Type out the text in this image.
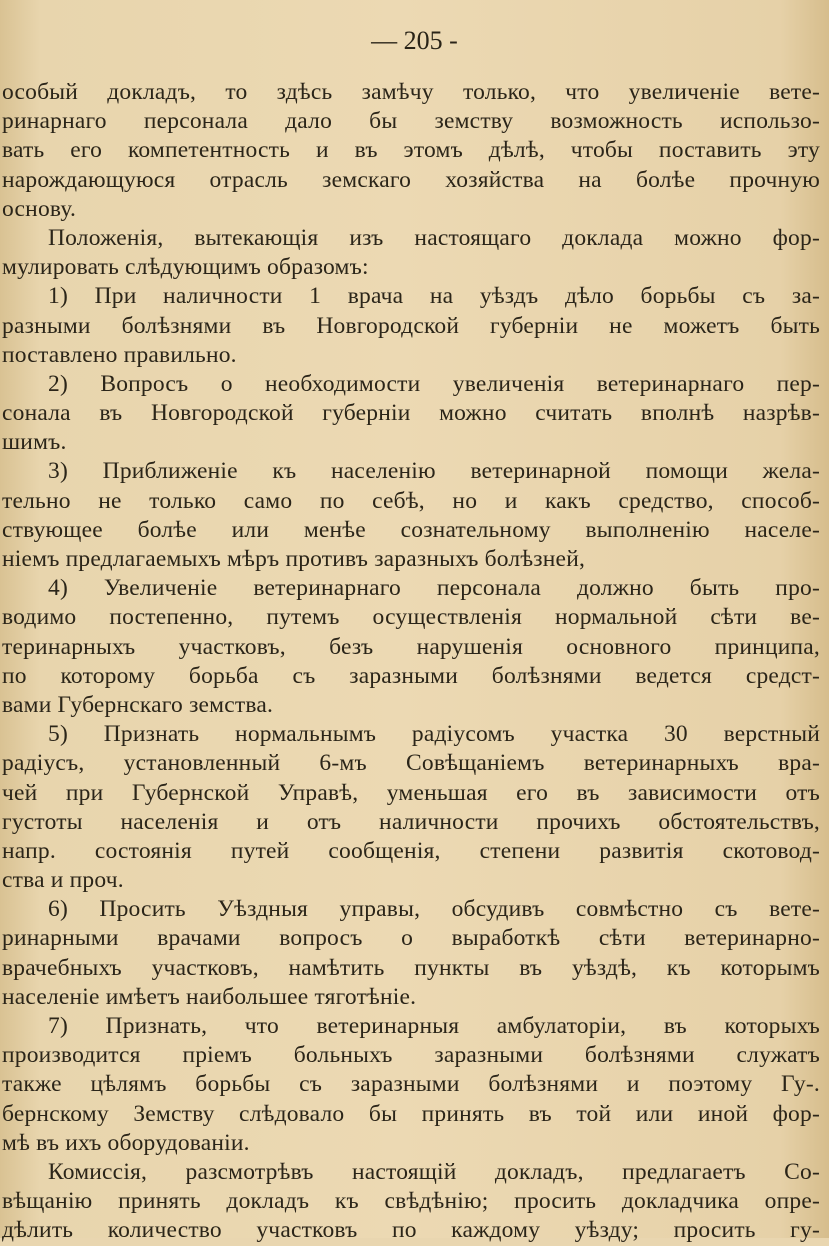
— 205 -
особый докладъ, то здѣсь замѣчу только, что увеличеніе вете-
ринарнаго персонала дало бы земству возможность использо-
вать его компетентность и въ этомъ дѣлѣ, чтобы поставить эту
нарождающуюся отрасль земскаго хозяйства на болѣе прочную
основу.
Положенія, вытекающія изъ настоящаго доклада можно фор-
мулировать слѣдующимъ образомъ:
1) При наличности 1 врача на уѣздъ дѣло борьбы съ за-
разными болѣзнями въ Новгородской губерніи не можетъ быть
поставлено правильно.
2) Вопросъ о необходимости увеличенія ветеринарнаго пер-
сонала въ Новгородской губерніи можно считать вполнѣ назрѣв-
шимъ.
3) Приближеніе къ населенію ветеринарной помощи жела-
тельно не только само по себѣ, но и какъ средство, способ-
ствующее болѣе или менѣе сознательному выполненію населе-
ніемъ предлагаемыхъ мѣръ противъ заразныхъ болѣзней,
4) Увеличеніе ветеринарнаго персонала должно быть про-
водимо постепенно, путемъ осуществленія нормальной сѣти ве-
теринарныхъ участковъ, безъ нарушенія основного принципа,
по которому борьба съ заразными болѣзнями ведется средст-
вами Губернскаго земства.
5) Признать нормальнымъ радіусомъ участка 30 верстный
радіусъ, установленный 6-мъ Совѣщаніемъ ветеринарныхъ вра-
чей при Губернской Управѣ, уменьшая его въ зависимости отъ
густоты населенія и отъ наличности прочихъ обстоятельствъ,
напр. состоянія путей сообщенія, степени развитія скотовод-
ства и проч.
6) Просить Уѣздныя управы, обсудивъ совмѣстно съ вете-
ринарными врачами вопросъ о выработкѣ сѣти ветеринарно-
врачебныхъ участковъ, намѣтить пункты въ уѣздѣ, къ которымъ
населеніе имѣетъ наибольшее тяготѣніе.
7) Признать, что ветеринарныя амбулаторіи, въ которыхъ
производится пріемъ больныхъ заразными болѣзнями служатъ
также цѣлямъ борьбы съ заразными болѣзнями и поэтому Гу-.
бернскому Земству слѣдовало бы принять въ той или иной фор-
мѣ въ ихъ оборудованіи.
Комиссія, разсмотрѣвъ настоящій докладъ, предлагаетъ Со-
вѣщанію принять докладъ къ свѣдѣнію; просить докладчика опре-
дѣлить количество участковъ по каждому уѣзду; просить гу-
